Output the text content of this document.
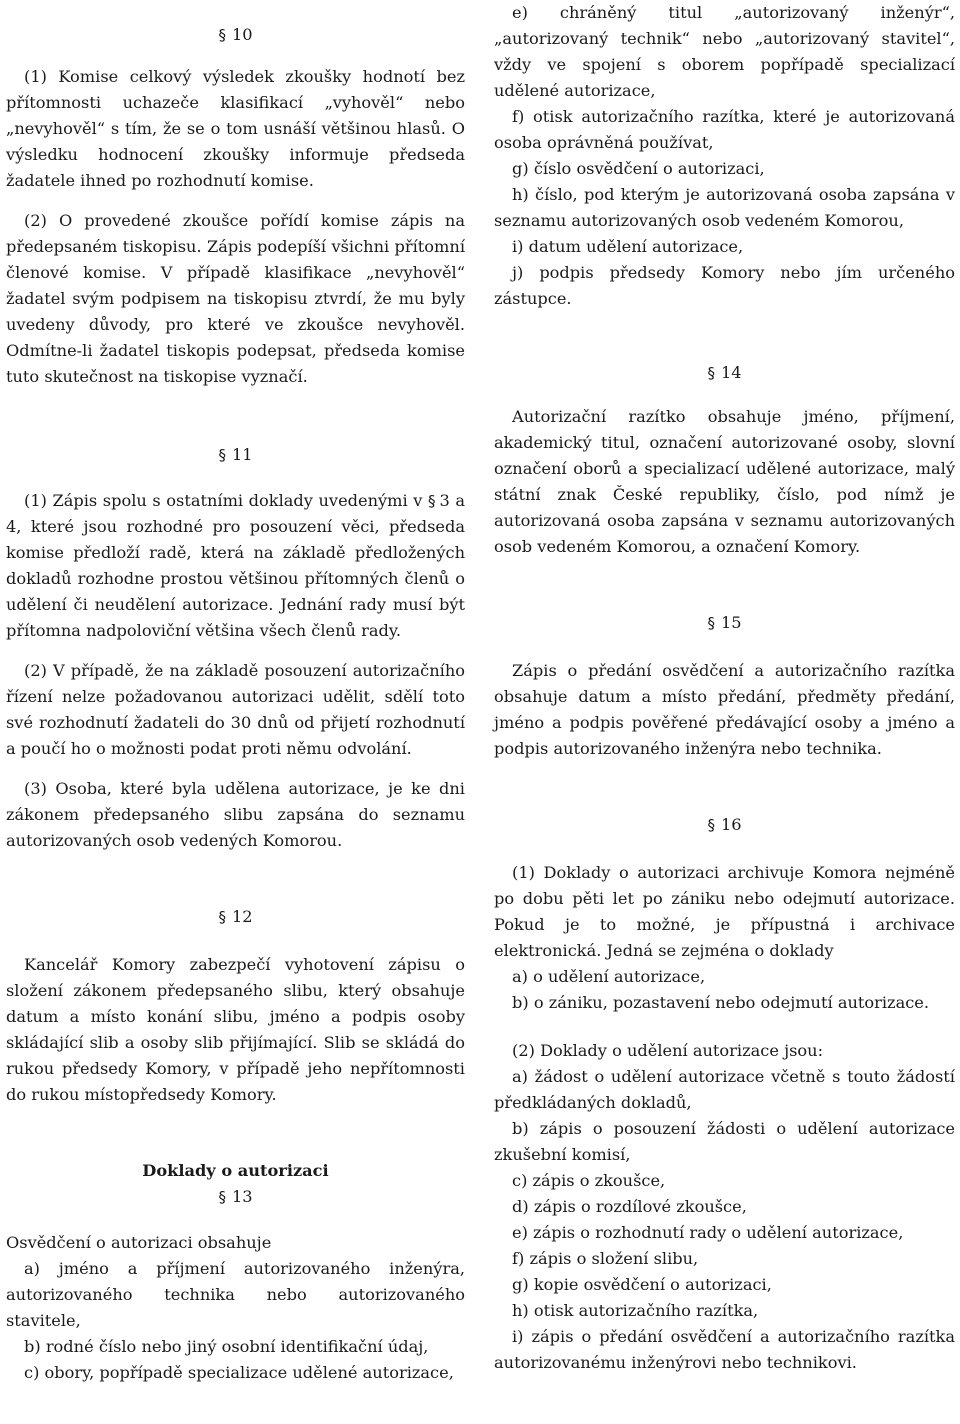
§ 10

(1) Komise celkový výsledek zkoušky hodnotí bez přítomnosti uchazeče klasifikací „vyhověl“ nebo „nevyhověl“ s tím, že se o tom usnáší většinou hlasů. O výsledku hodnocení zkoušky informuje předseda žadatele ihned po rozhodnutí komise.

(2) O provedené zkoušce pořídí komise zápis na předepsaném tiskopisu. Zápis podepíší všichni přítomní členové komise. V případě klasifikace „nevyhověl“ žadatel svým podpisem na tiskopisu ztvrdí, že mu byly uvedeny důvody, pro které ve zkoušce nevyhověl. Odmítne-li žadatel tiskopis podepsat, předseda komise tuto skutečnost na tiskopise vyznačí.

§ 11

(1) Zápis spolu s ostatními doklady uvedenými v § 3 a 4, které jsou rozhodné pro posouzení věci, předseda komise předloží radě, která na základě předložených dokladů rozhodne prostou většinou přítomných členů o udělení či neudělení autorizace. Jednání rady musí být přítomna nadpoloviční většina všech členů rady.

(2) V případě, že na základě posouzení autorizačního řízení nelze požadovanou autorizaci udělit, sdělí toto své rozhodnutí žadateli do 30 dnů od přijetí rozhodnutí a poučí ho o možnosti podat proti němu odvolání.

(3) Osoba, které byla udělena autorizace, je ke dni zákonem předepsaného slibu zapsána do seznamu autorizovaných osob vedených Komorou.

§ 12

Kancelář Komory zabezpečí vyhotovení zápisu o složení zákonem předepsaného slibu, který obsahuje datum a místo konání slibu, jméno a podpis osoby skládající slib a osoby slib přijímající. Slib se skládá do rukou předsedy Komory, v případě jeho nepřítomnosti do rukou místopředsedy Komory.

Doklady o autorizaci
§ 13

Osvědčení o autorizaci obsahuje

a) jméno a příjmení autorizovaného inženýra, autorizovaného technika nebo autorizovaného stavitele,

b) rodné číslo nebo jiný osobní identifikační údaj,

c) obory, popřípadě specializace udělené autorizace,

e) chráněný titul „autorizovaný inženýr“, „autorizovaný technik“ nebo „autorizovaný stavitel“, vždy ve spojení s oborem popřípadě specializací udělené autorizace,

f) otisk autorizačního razítka, které je autorizovaná osoba oprávněná používat,

g) číslo osvědčení o autorizaci,

h) číslo, pod kterým je autorizovaná osoba zapsána v seznamu autorizovaných osob vedeném Komorou,

i) datum udělení autorizace,

j) podpis předsedy Komory nebo jím určeného zástupce.

§ 14

Autorizační razítko obsahuje jméno, příjmení, akademický titul, označení autorizované osoby, slovní označení oborů a specializací udělené autorizace, malý státní znak České republiky, číslo, pod nímž je autorizovaná osoba zapsána v seznamu autorizovaných osob vedeném Komorou, a označení Komory.

§ 15

Zápis o předání osvědčení a autorizačního razítka obsahuje datum a místo předání, předměty předání, jméno a podpis pověřené předávající osoby a jméno a podpis autorizovaného inženýra nebo technika.

§ 16

(1) Doklady o autorizaci archivuje Komora nejméně po dobu pěti let po zániku nebo odejmutí autorizace. Pokud je to možné, je přípustná i archivace elektronická. Jedná se zejména o doklady

a) o udělení autorizace,

b) o zániku, pozastavení nebo odejmutí autorizace.

(2) Doklady o udělení autorizace jsou:

a) žádost o udělení autorizace včetně s touto žádostí předkládaných dokladů,

b) zápis o posouzení žádosti o udělení autorizace zkušební komisí,

c) zápis o zkoušce,

d) zápis o rozdílové zkoušce,

e) zápis o rozhodnutí rady o udělení autorizace,

f) zápis o složení slibu,

g) kopie osvědčení o autorizaci,

h) otisk autorizačního razítka,

i) zápis o předání osvědčení a autorizačního razítka autorizovanému inženýrovi nebo technikovi.
